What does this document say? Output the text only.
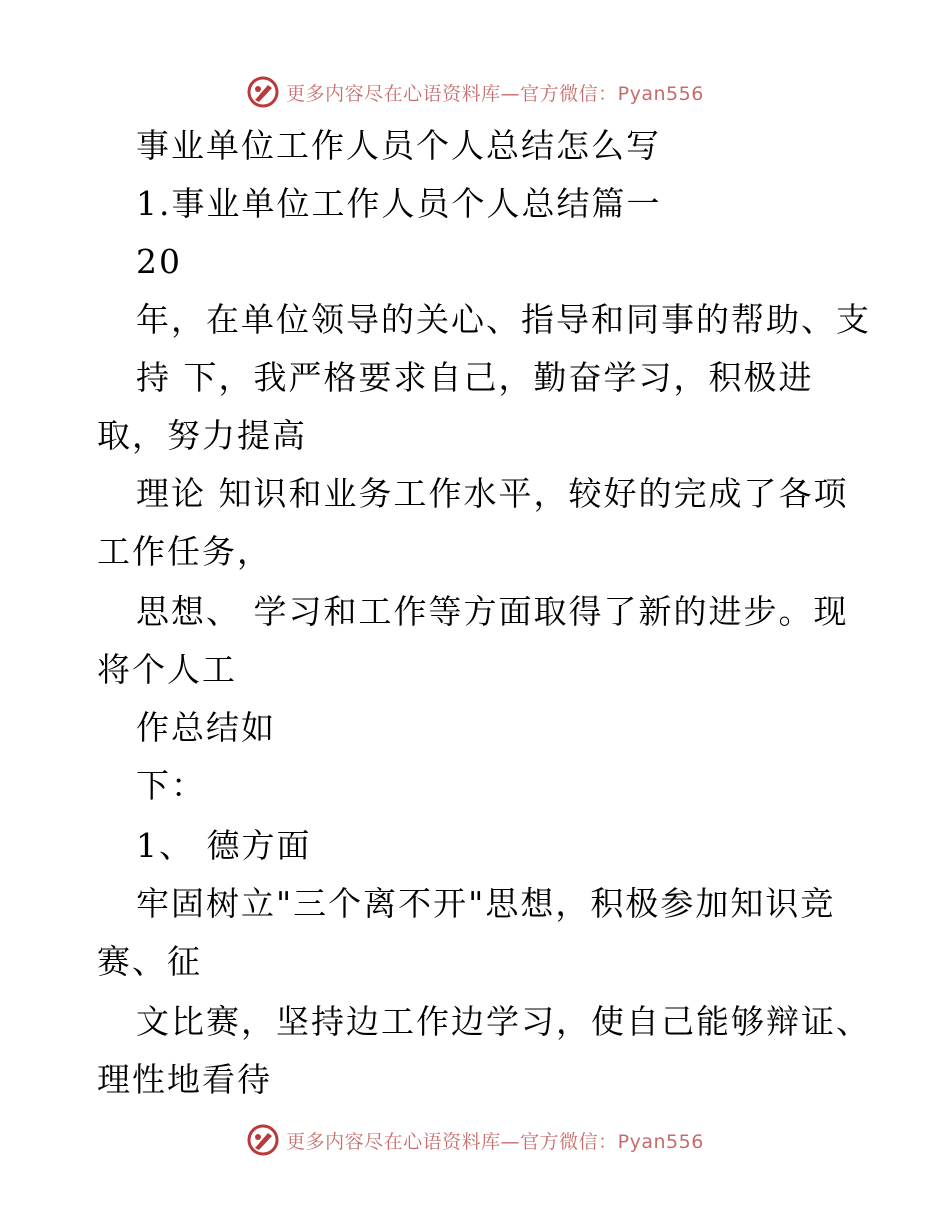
更多内容尽在心语资料库—官方微信：Pyan556
事业单位工作人员个人总结怎么写
1.事业单位工作人员个人总结篇一
20
年，在单位领导的关心、指导和同事的帮助、支
持 下，我严格要求自己，勤奋学习，积极进
取，努力提高
理论 知识和业务工作水平，较好的完成了各项
工作任务，
思想、 学习和工作等方面取得了新的进步。现
将个人工
作总结如
下：
1、 德方面
牢固树立"三个离不开"思想，积极参加知识竞
赛、征
文比赛，坚持边工作边学习，使自己能够辩证、
理性地看待
更多内容尽在心语资料库—官方微信：Pyan556
